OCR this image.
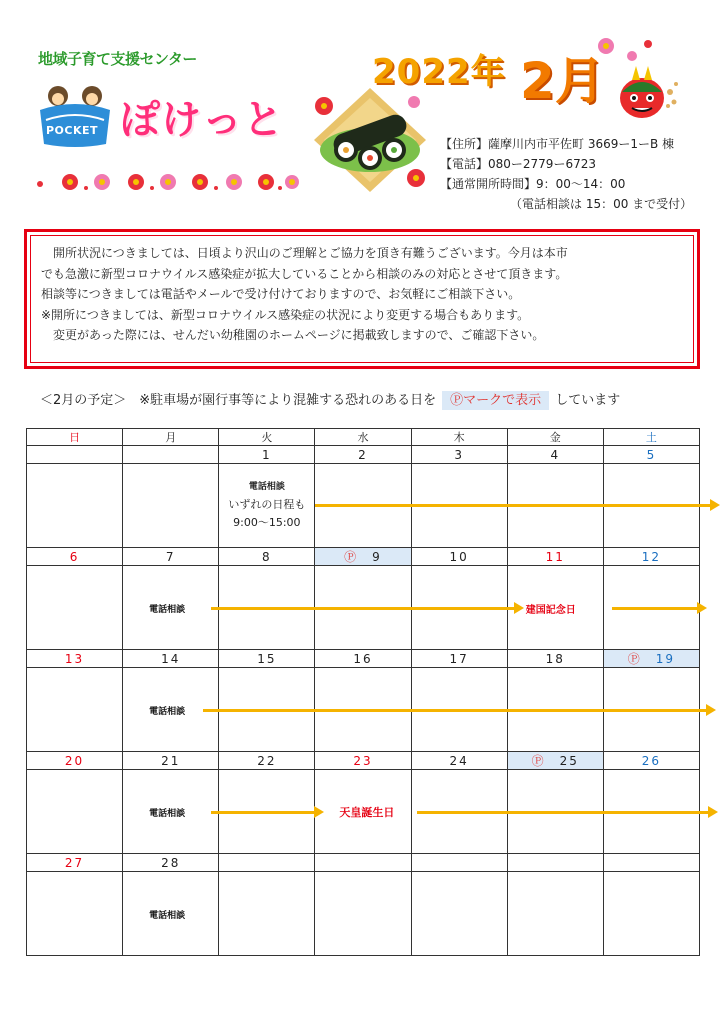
地域子育て支援センター
POCKET ぽけっと
2022年 2月
【住所】薩摩川内市平佐町 3669ー1ーB 棟
【電話】080ー2779ー6723
【通常開所時間】9：00〜14：00
（電話相談は 15：00 まで受付）
　開所状況につきましては、日頃より沢山のご理解とご協力を頂き有難うございます。今月は本市
でも急激に新型コロナウイルス感染症が拡大していることから相談のみの対応とさせて頂きます。
相談等につきましては電話やメールで受け付けておりますので、お気軽にご相談下さい。
※開所につきましては、新型コロナウイルス感染症の状況により変更する場合もあります。
　変更があった際には、せんだい幼稚園のホームページに掲載致しますので、ご確認下さい。
＜2月の予定＞　※駐車場が園行事等により混雑する恐れのある日を Ⓟマークで表示 しています
日	月	火	水	木	金	土
		1	2	3	4	5

		電話相談
いずれの日程も
9:00〜15:00				

6	7	8	Ⓟ 9	10	11	12

	電話相談				建国記念日	

13	14	15	16	17	18	Ⓟ 19

	電話相談					

20	21	22	23	24	Ⓟ 25	26

	電話相談		天皇誕生日			

27	28					

	電話相談					
